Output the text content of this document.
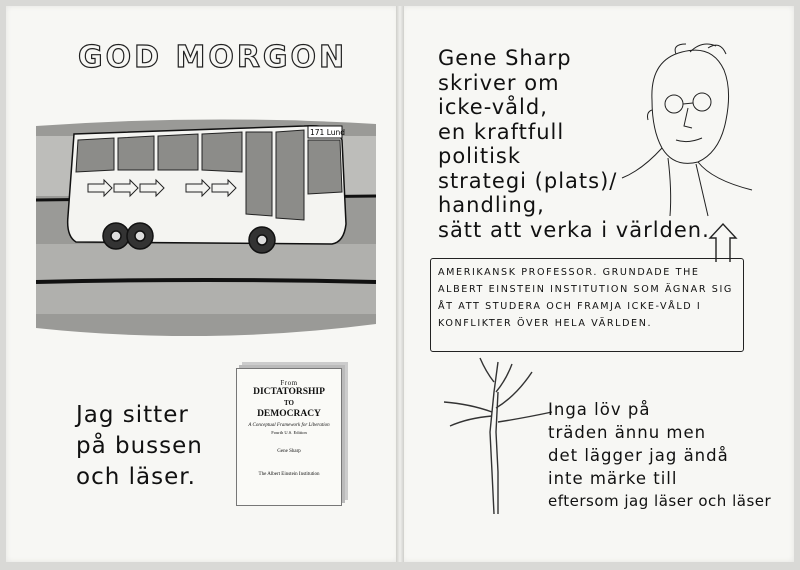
GOD MORGON
171 Lund
Jag sitter
på bussen
och läser.
From
DICTATORSHIP
TO
DEMOCRACY
A Conceptual Framework for Liberation
Fourth U.S. Edition
Gene Sharp
The Albert Einstein Institution
Gene Sharp
skriver om
icke-våld,
en kraftfull
politisk
strategi (plats)/
handling,
sätt att verka i världen.
AMERIKANSK PROFESSOR. GRUNDADE THE ALBERT EINSTEIN INSTITUTION SOM ÄGNAR SIG ÅT ATT STUDERA OCH FRAMJA ICKE-VÅLD I KONFLIKTER ÖVER HELA VÄRLDEN.
Inga löv på
träden ännu men
det lägger jag ändå
inte märke till
eftersom jag läser och läser
